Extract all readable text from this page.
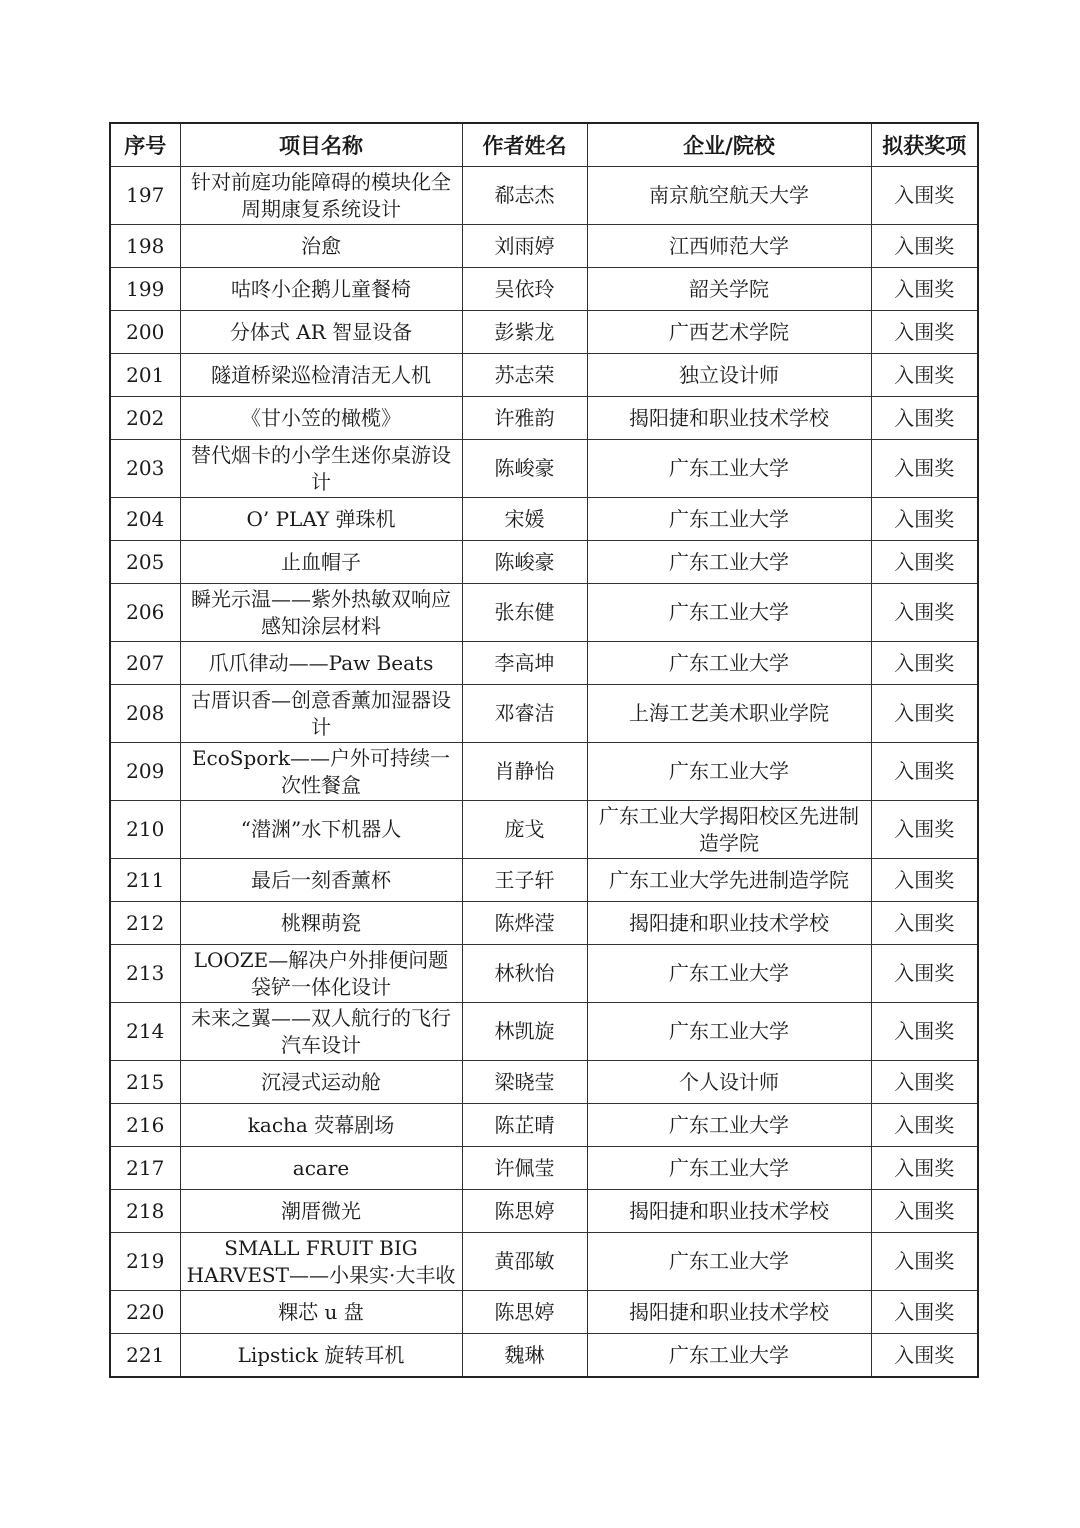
序号	项目名称	作者姓名	企业/院校	拟获奖项
197	针对前庭功能障碍的模块化全周期康复系统设计	郗志杰	南京航空航天大学	入围奖
198	治愈	刘雨婷	江西师范大学	入围奖
199	咕咚小企鹅儿童餐椅	吴依玲	韶关学院	入围奖
200	分体式 AR 智显设备	彭紫龙	广西艺术学院	入围奖
201	隧道桥梁巡检清洁无人机	苏志荣	独立设计师	入围奖
202	《甘小笠的橄榄》	许雅韵	揭阳捷和职业技术学校	入围奖
203	替代烟卡的小学生迷你桌游设计	陈峻豪	广东工业大学	入围奖
204	O’ PLAY 弹珠机	宋媛	广东工业大学	入围奖
205	止血帽子	陈峻豪	广东工业大学	入围奖
206	瞬光示温——紫外热敏双响应感知涂层材料	张东健	广东工业大学	入围奖
207	爪爪律动——Paw Beats	李高坤	广东工业大学	入围奖
208	古厝识香—创意香薰加湿器设计	邓睿洁	上海工艺美术职业学院	入围奖
209	EcoSpork——户外可持续一次性餐盒	肖静怡	广东工业大学	入围奖
210	“潜渊”水下机器人	庞戈	广东工业大学揭阳校区先进制造学院	入围奖
211	最后一刻香薰杯	王子轩	广东工业大学先进制造学院	入围奖
212	桃粿萌瓷	陈烨滢	揭阳捷和职业技术学校	入围奖
213	LOOZE—解决户外排便问题袋铲一体化设计	林秋怡	广东工业大学	入围奖
214	未来之翼——双人航行的飞行汽车设计	林凯旋	广东工业大学	入围奖
215	沉浸式运动舱	梁晓莹	个人设计师	入围奖
216	kacha 荧幕剧场	陈芷晴	广东工业大学	入围奖
217	acare	许佩莹	广东工业大学	入围奖
218	潮厝微光	陈思婷	揭阳捷和职业技术学校	入围奖
219	SMALL FRUIT BIG HARVEST——小果实·大丰收	黄邵敏	广东工业大学	入围奖
220	粿芯 u 盘	陈思婷	揭阳捷和职业技术学校	入围奖
221	Lipstick 旋转耳机	魏琳	广东工业大学	入围奖
